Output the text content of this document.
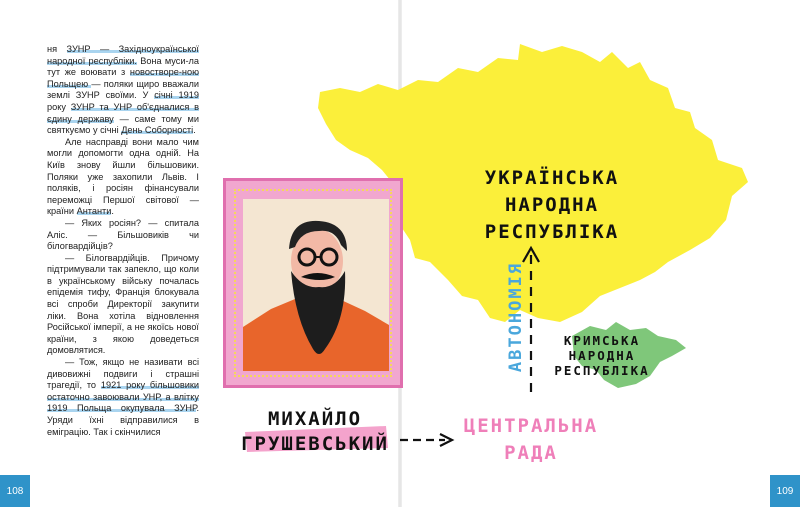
ня ЗУНР — Західноукраїнської народної республіки. Вона муси-ла тут же воювати з новостворе-ною Польщею — поляки щиро вважали землі ЗУНР своїми. У січні 1919 року ЗУНР та УНР об'єдналися в єдину державу — саме тому ми святкуємо у січні День Соборності.

Але насправді вони мало чим могли допомогти одна одній. На Київ знову йшли більшовики. Поляки уже захопили Львів. І поляків, і росіян фінансували переможці Першої світової — країни Антанти.

— Яких росіян? — спитала Аліс. — Більшовиків чи білогвардійців?

— Білогвардійців. Причому підтримували так запекло, що коли в українському війську почалась епідемія тифу, Франція блокувала всі спроби Директорії закупити ліки. Вона хотіла відновлення Російської імперії, а не якоїсь нової країни, з якою доведеться домовлятися.

— Тож, якщо не називати всі дивовижні подвиги і страшні трагедії, то 1921 року більшовики остаточно завоювали УНР, а влітку 1919 Польща окупувала ЗУНР. Уряди їхні відправилися в еміграцію. Так і скінчилися

108	109
УКРАЇНСЬКА
НАРОДНА
РЕСПУБЛІКА
КРИМСЬКА
НАРОДНА
РЕСПУБЛІКА
АВТОНОМІЯ
ЦЕНТРАЛЬНА
РАДА
МИХАЙЛО
ГРУШЕВСЬКИЙ
